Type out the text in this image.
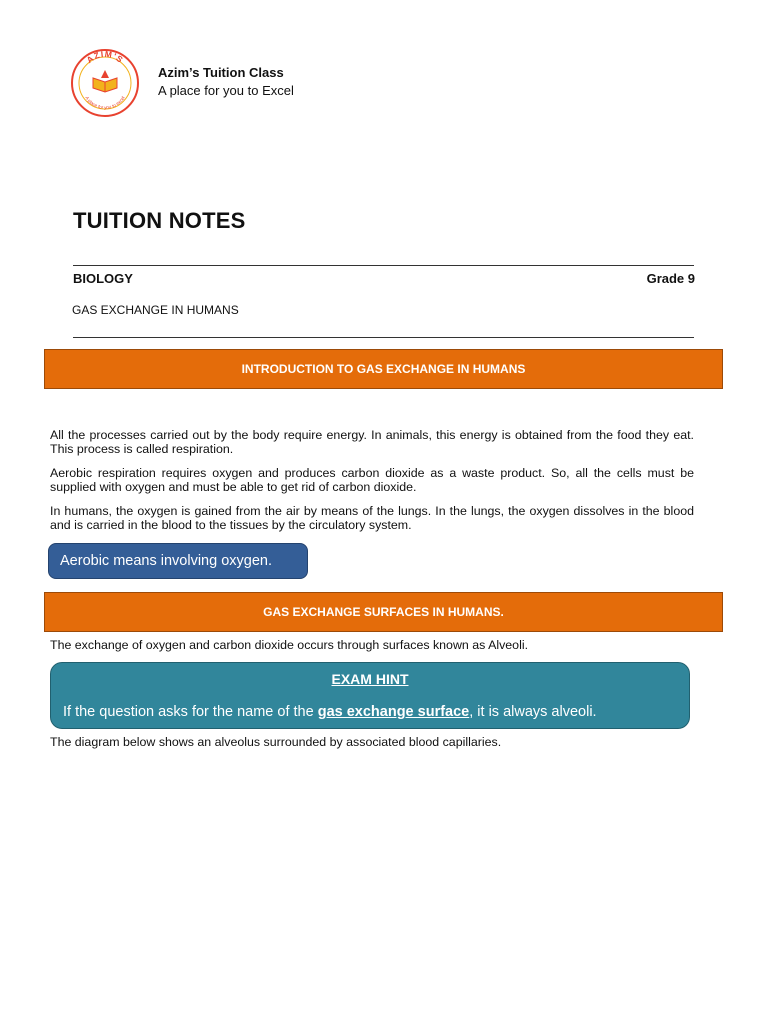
AZIM'S
A place for you to excel
Azim’s Tuition Class
A place for you to Excel
TUITION NOTES
BIOLOGY	Grade 9
GAS EXCHANGE IN HUMANS
INTRODUCTION TO GAS EXCHANGE IN HUMANS
All the processes carried out by the body require energy. In animals, this energy is obtained from the food they eat. This process is called respiration.
Aerobic respiration requires oxygen and produces carbon dioxide as a waste product. So, all the cells must be supplied with oxygen and must be able to get rid of carbon dioxide.
In humans, the oxygen is gained from the air by means of the lungs. In the lungs, the oxygen dissolves in the blood and is carried in the blood to the tissues by the circulatory system.
Aerobic means involving oxygen.
GAS EXCHANGE SURFACES IN HUMANS.
The exchange of oxygen and carbon dioxide occurs through surfaces known as Alveoli.
EXAM HINT
If the question asks for the name of the gas exchange surface, it is always alveoli.
The diagram below shows an alveolus surrounded by associated blood capillaries.
